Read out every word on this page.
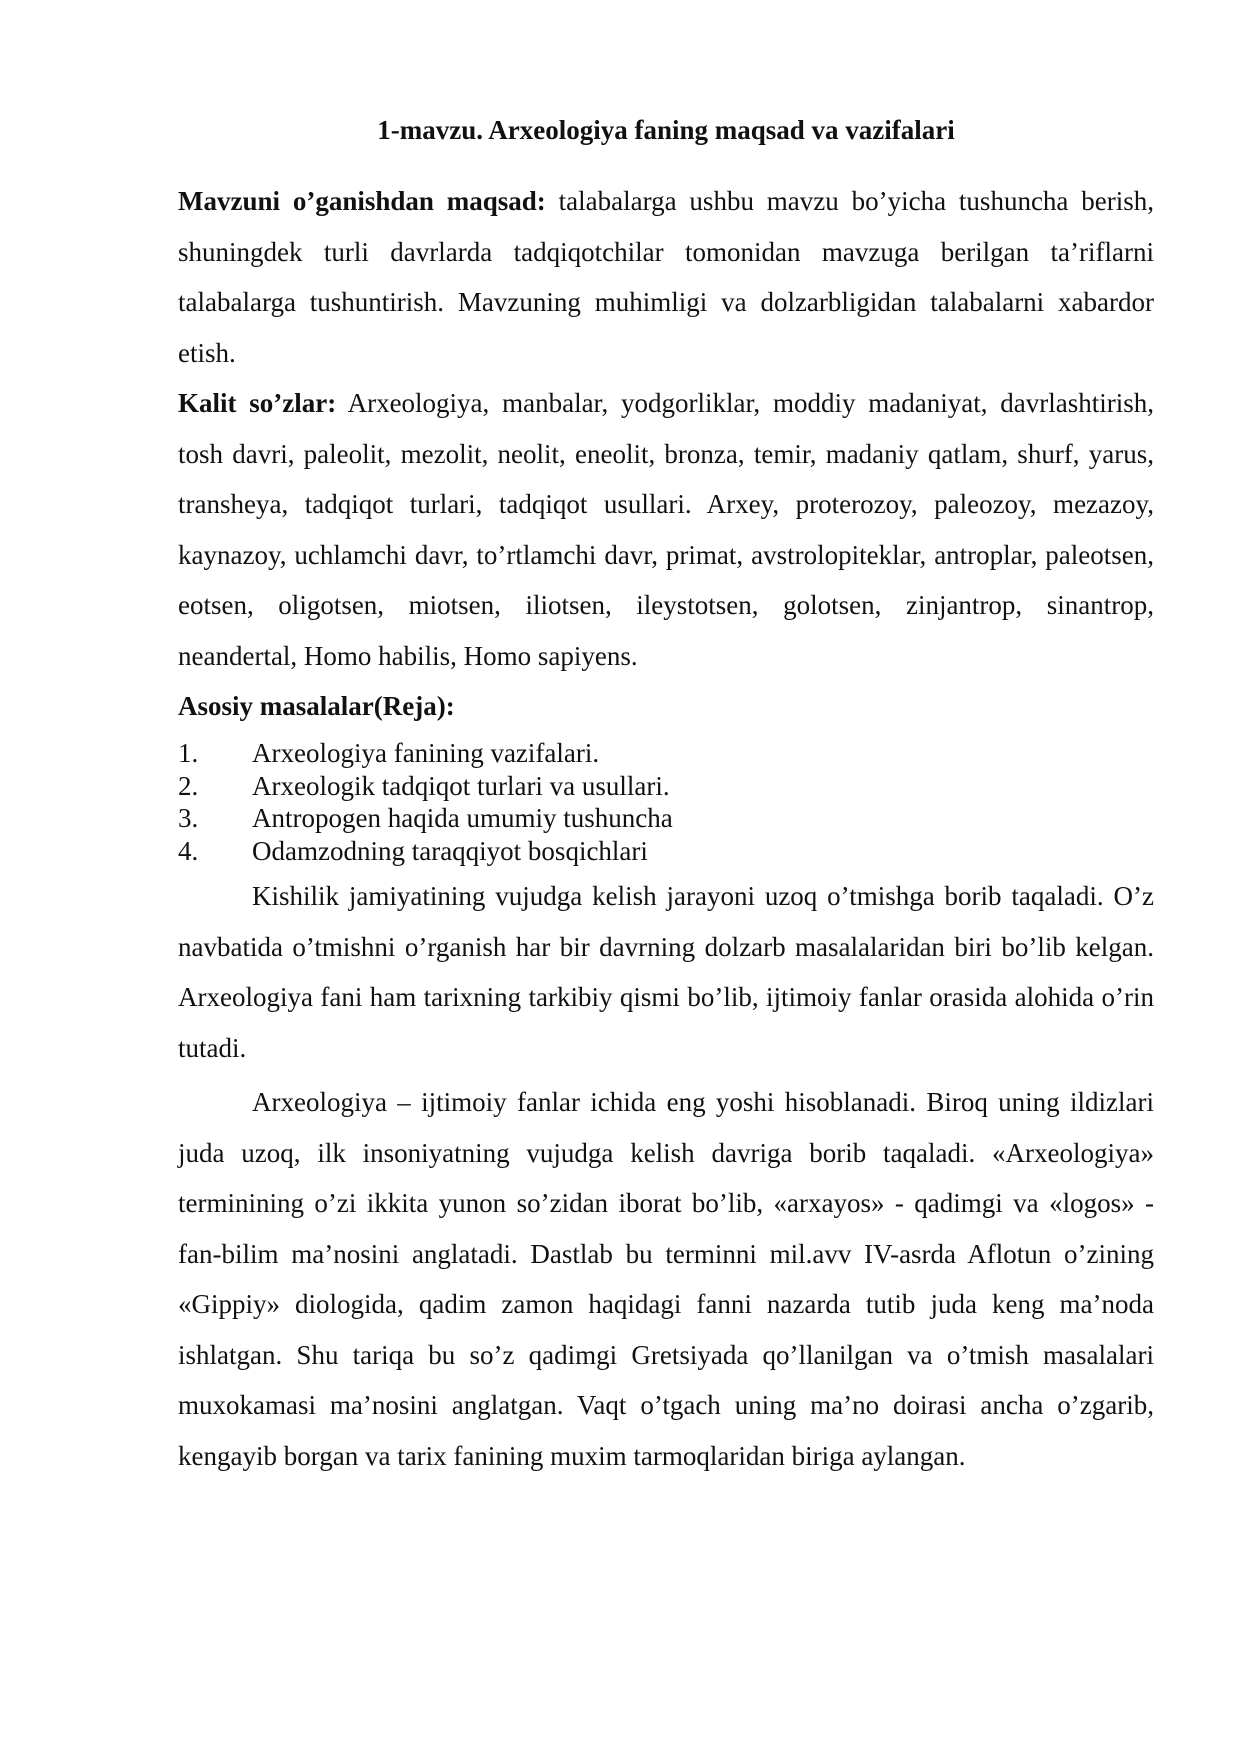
1-mavzu. Arxeologiya faning maqsad va vazifalari

Mavzuni o’ganishdan maqsad: talabalarga ushbu mavzu bo’yicha tushuncha berish, shuningdek turli davrlarda tadqiqotchilar tomonidan mavzuga berilgan ta’riflarni talabalarga tushuntirish. Mavzuning muhimligi va dolzarbligidan talabalarni xabardor etish.

Kalit so’zlar: Arxeologiya, manbalar, yodgorliklar, moddiy madaniyat, davrlashtirish, tosh davri, paleolit, mezolit, neolit, eneolit, bronza, temir, madaniy qatlam, shurf, yarus, transheya, tadqiqot turlari, tadqiqot usullari. Arxey, proterozoy, paleozoy, mezazoy, kaynazoy, uchlamchi davr, to’rtlamchi davr, primat, avstrolopiteklar, antroplar, paleotsen, eotsen, oligotsen, miotsen, iliotsen, ileystotsen, golotsen, zinjantrop, sinantrop, neandertal, Homo habilis, Homo sapiyens.

Asosiy masalalar(Reja):
1.	Arxeologiya fanining vazifalari.
2.	Arxeologik tadqiqot turlari va usullari.
3.	Antropogen haqida umumiy tushuncha
4.	Odamzodning taraqqiyot bosqichlari

Kishilik jamiyatining vujudga kelish jarayoni uzoq o’tmishga borib taqaladi. O’z navbatida o’tmishni o’rganish har bir davrning dolzarb masalalaridan biri bo’lib kelgan. Arxeologiya fani ham tarixning tarkibiy qismi bo’lib, ijtimoiy fanlar orasida alohida o’rin tutadi.

Arxeologiya – ijtimoiy fanlar ichida eng yoshi hisoblanadi. Biroq uning ildizlari juda uzoq, ilk insoniyatning vujudga kelish davriga borib taqaladi. «Arxeologiya» terminining o’zi ikkita yunon so’zidan iborat bo’lib, «arxayos» - qadimgi va «logos» - fan-bilim ma’nosini anglatadi. Dastlab bu terminni mil.avv IV-asrda Aflotun o’zining «Gippiy» diologida, qadim zamon haqidagi fanni nazarda tutib juda keng ma’noda ishlatgan. Shu tariqa bu so’z qadimgi Gretsiyada qo’llanilgan va o’tmish masalalari muxokamasi ma’nosini anglatgan. Vaqt o’tgach uning ma’no doirasi ancha o’zgarib, kengayib borgan va tarix fanining muxim tarmoqlaridan biriga aylangan.
